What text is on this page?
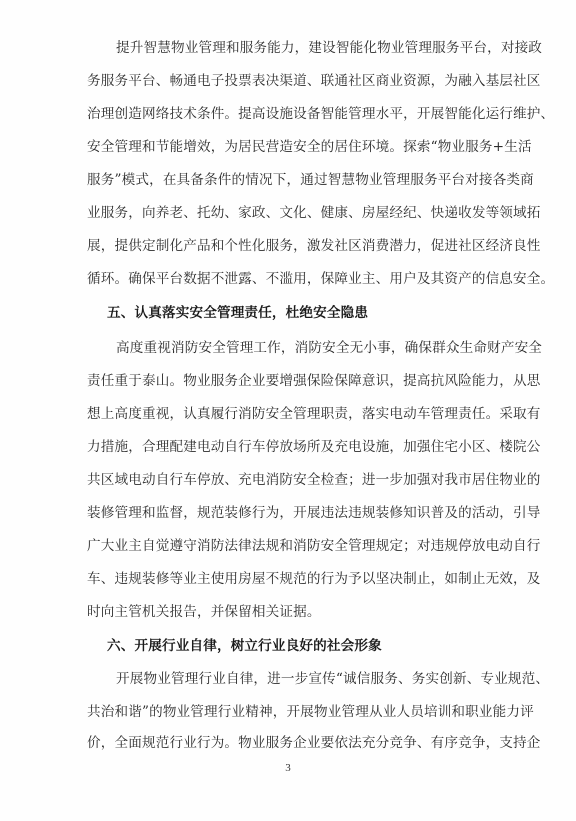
提升智慧物业管理和服务能力，建设智能化物业管理服务平台，对接政
务服务平台、畅通电子投票表决渠道、联通社区商业资源，为融入基层社区
治理创造网络技术条件。提高设施设备智能管理水平，开展智能化运行维护、
安全管理和节能增效，为居民营造安全的居住环境。探索“物业服务+生活
服务”模式，在具备条件的情况下，通过智慧物业管理服务平台对接各类商
业服务，向养老、托幼、家政、文化、健康、房屋经纪、快递收发等领域拓
展，提供定制化产品和个性化服务，激发社区消费潜力，促进社区经济良性
循环。确保平台数据不泄露、不滥用，保障业主、用户及其资产的信息安全。
五、认真落实安全管理责任，杜绝安全隐患
高度重视消防安全管理工作，消防安全无小事，确保群众生命财产安全
责任重于泰山。物业服务企业要增强保险保障意识，提高抗风险能力，从思
想上高度重视，认真履行消防安全管理职责，落实电动车管理责任。采取有
力措施，合理配建电动自行车停放场所及充电设施，加强住宅小区、楼院公
共区域电动自行车停放、充电消防安全检查；进一步加强对我市居住物业的
装修管理和监督，规范装修行为，开展违法违规装修知识普及的活动，引导
广大业主自觉遵守消防法律法规和消防安全管理规定；对违规停放电动自行
车、违规装修等业主使用房屋不规范的行为予以坚决制止，如制止无效，及
时向主管机关报告，并保留相关证据。
六、开展行业自律，树立行业良好的社会形象
开展物业管理行业自律，进一步宣传“诚信服务、务实创新、专业规范、
共治和谐”的物业管理行业精神，开展物业管理从业人员培训和职业能力评
价，全面规范行业行为。物业服务企业要依法充分竞争、有序竞争，支持企
3
